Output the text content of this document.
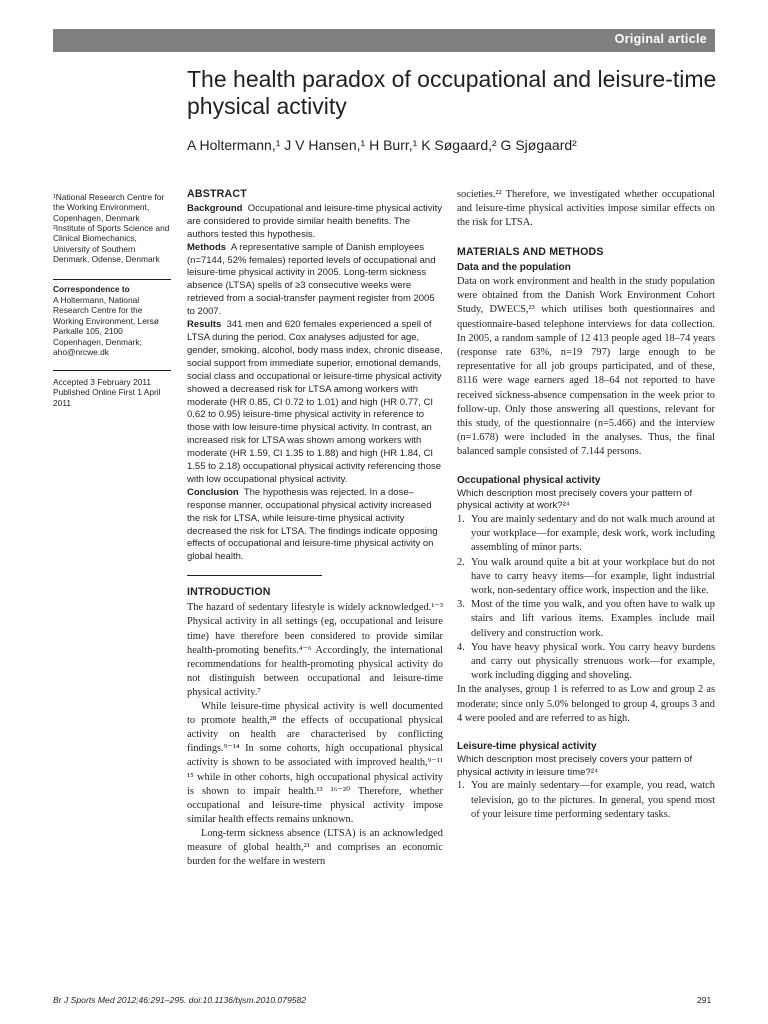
Original article
The health paradox of occupational and leisure-time physical activity
A Holtermann,¹ J V Hansen,¹ H Burr,¹ K Søgaard,² G Sjøgaard²
¹National Research Centre for the Working Environment, Copenhagen, Denmark
²Institute of Sports Science and Clinical Biomechanics, University of Southern Denmark, Odense, Denmark
Correspondence to
A Holtermann, National Research Centre for the Working Environment, Lersø Parkalle 105, 2100 Copenhagen, Denmark; aho@nrcwe.dk
Accepted 3 February 2011 Published Online First 1 April 2011

ABSTRACT

Background Occupational and leisure-time physical activity are considered to provide similar health benefits. The authors tested this hypothesis.

Methods A representative sample of Danish employees (n=7144, 52% females) reported levels of occupational and leisure-time physical activity in 2005. Long-term sickness absence (LTSA) spells of ≥3 consecutive weeks were retrieved from a social-transfer payment register from 2005 to 2007.

Results 341 men and 620 females experienced a spell of LTSA during the period. Cox analyses adjusted for age, gender, smoking, alcohol, body mass index, chronic disease, social support from immediate superior, emotional demands, social class and occupational or leisure-time physical activity showed a decreased risk for LTSA among workers with moderate (HR 0.85, CI 0.72 to 1.01) and high (HR 0.77, CI 0.62 to 0.95) leisure-time physical activity in reference to those with low leisure-time physical activity. In contrast, an increased risk for LTSA was shown among workers with moderate (HR 1.59, CI 1.35 to 1.88) and high (HR 1.84, CI 1.55 to 2.18) occupational physical activity referencing those with low occupational physical activity.

Conclusion The hypothesis was rejected. In a dose–response manner, occupational physical activity increased the risk for LTSA, while leisure-time physical activity decreased the risk for LTSA. The findings indicate opposing effects of occupational and leisure-time physical activity on global health.

INTRODUCTION

The hazard of sedentary lifestyle is widely acknowledged.¹⁻³ Physical activity in all settings (eg, occupational and leisure time) have therefore been considered to provide similar health-promoting benefits.⁴⁻⁶ Accordingly, the international recommendations for health-promoting physical activity do not distinguish between occupational and leisure-time physical activity.⁷

While leisure-time physical activity is well documented to promote health,²⁸ the effects of occupational physical activity on health are characterised by conflicting findings.⁹⁻¹⁴ In some cohorts, high occupational physical activity is shown to be associated with improved health,⁹⁻¹¹ ¹⁵ while in other cohorts, high occupational physical activity is shown to impair health.¹³ ¹⁶⁻²⁰ Therefore, whether occupational and leisure-time physical activity impose similar health effects remains unknown.

Long-term sickness absence (LTSA) is an acknowledged measure of global health,²¹ and comprises an economic burden for the welfare in western

societies.²² Therefore, we investigated whether occupational and leisure-time physical activities impose similar effects on the risk for LTSA.

MATERIALS AND METHODS

Data and the population

Data on work environment and health in the study population were obtained from the Danish Work Environment Cohort Study, DWECS,²³ which utilises both questionnaires and questionnaire-based telephone interviews for data collection. In 2005, a random sample of 12 413 people aged 18–74 years (response rate 63%, n=19 797) large enough to be representative for all job groups participated, and of these, 8116 were wage earners aged 18–64 not reported to have received sickness-absence compensation in the week prior to follow-up. Only those answering all questions, relevant for this study, of the questionnaire (n=5.466) and the interview (n=1.678) were included in the analyses. Thus, the final balanced sample consisted of 7.144 persons.

Occupational physical activity

Which description most precisely covers your pattern of physical activity at work?²⁴

1. You are mainly sedentary and do not walk much around at your workplace—for example, desk work, work including assembling of minor parts.
2. You walk around quite a bit at your workplace but do not have to carry heavy items—for example, light industrial work, non-sedentary office work, inspection and the like.
3. Most of the time you walk, and you often have to walk up stairs and lift various items. Examples include mail delivery and construction work.
4. You have heavy physical work. You carry heavy burdens and carry out physically strenuous work—for example, work including digging and shoveling.

In the analyses, group 1 is referred to as Low and group 2 as moderate; since only 5.0% belonged to group 4, groups 3 and 4 were pooled and are referred to as high.

Leisure-time physical activity

Which description most precisely covers your pattern of physical activity in leisure time?²⁴

1. You are mainly sedentary—for example, you read, watch television, go to the pictures. In general, you spend most of your leisure time performing sedentary tasks.
Br J Sports Med 2012;46:291–295. doi:10.1136/bjsm.2010.079582	291
